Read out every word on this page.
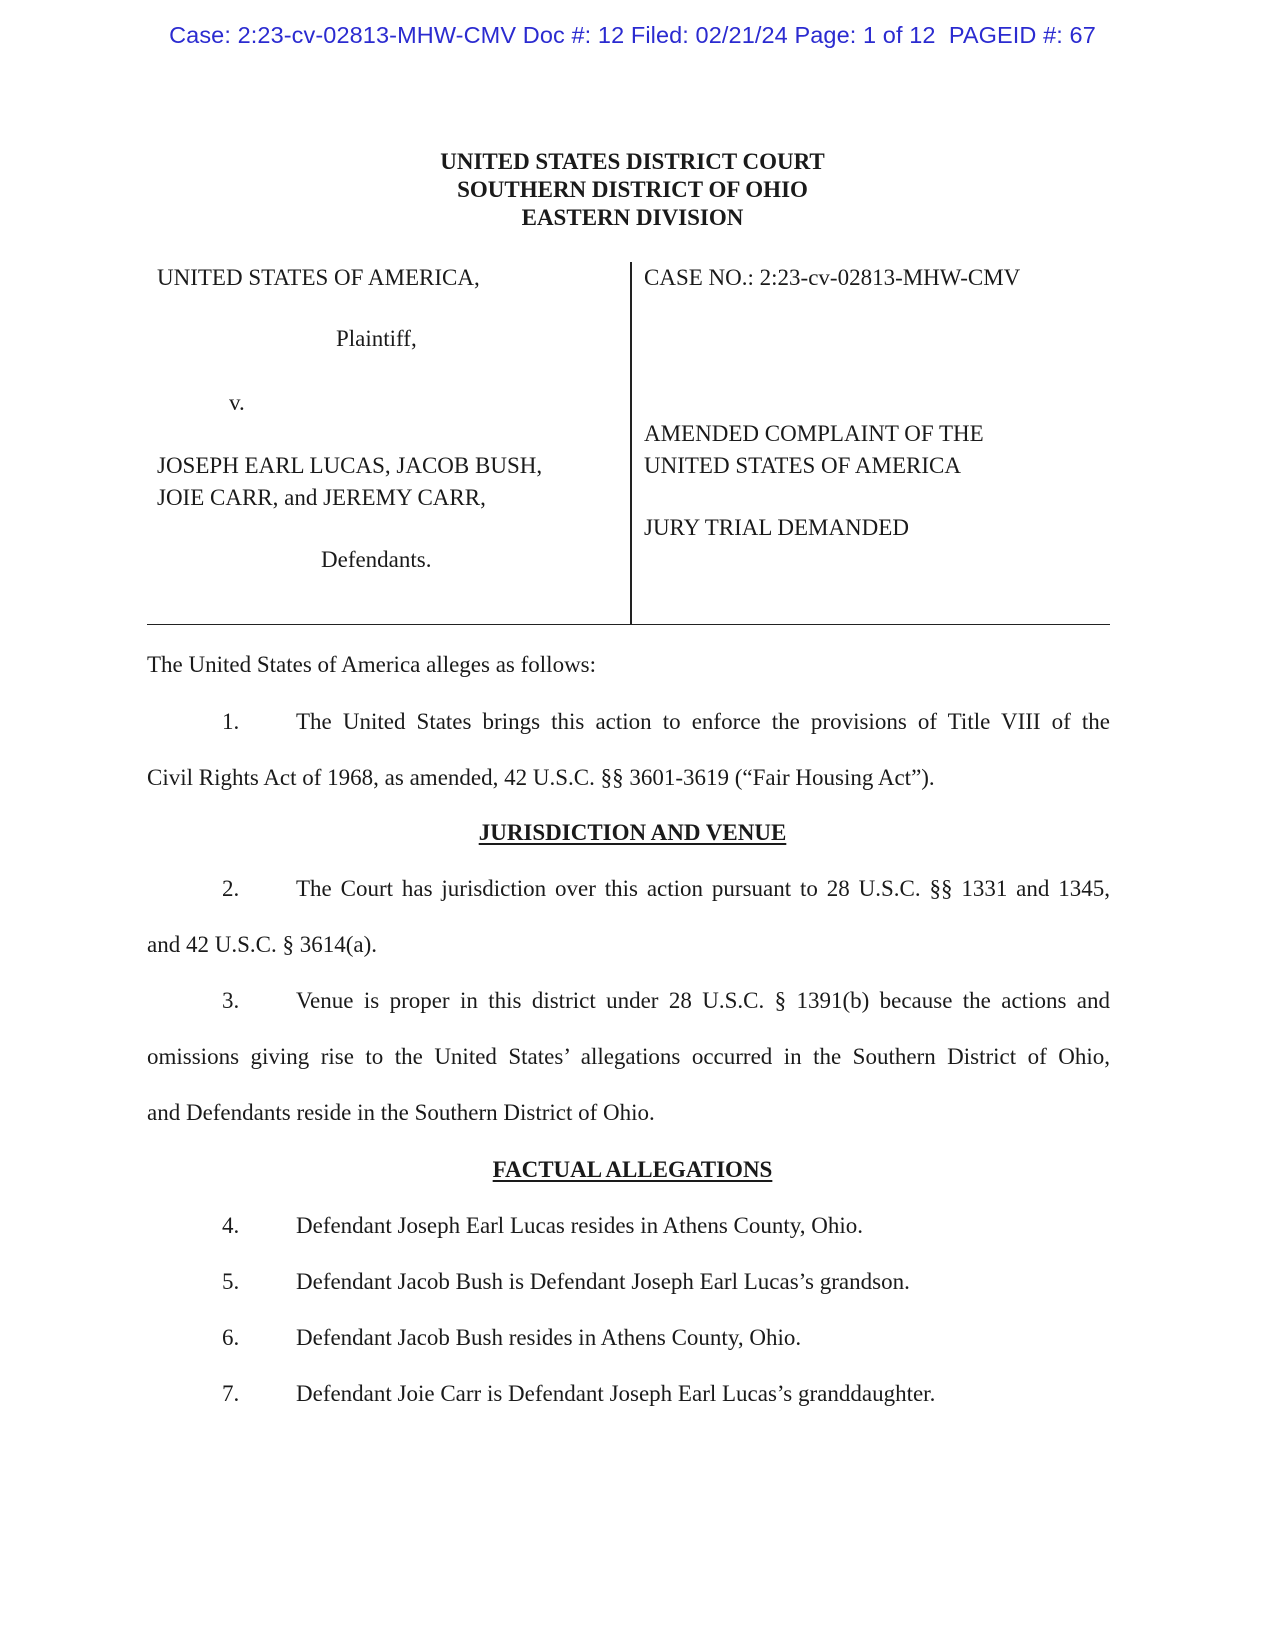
Case: 2:23-cv-02813-MHW-CMV Doc #: 12 Filed: 02/21/24 Page: 1 of 12  PAGEID #: 67
UNITED STATES DISTRICT COURT
SOUTHERN DISTRICT OF OHIO
EASTERN DIVISION
UNITED STATES OF AMERICA,
Plaintiff,
v.
JOSEPH EARL LUCAS, JACOB BUSH,
JOIE CARR, and JEREMY CARR,
Defendants.
CASE NO.: 2:23-cv-02813-MHW-CMV
AMENDED COMPLAINT OF THE
UNITED STATES OF AMERICA
JURY TRIAL DEMANDED
The United States of America alleges as follows:
1. The United States brings this action to enforce the provisions of Title VIII of the
Civil Rights Act of 1968, as amended, 42 U.S.C. §§ 3601-3619 (“Fair Housing Act”).
JURISDICTION AND VENUE
2. The Court has jurisdiction over this action pursuant to 28 U.S.C. §§ 1331 and 1345,
and 42 U.S.C. § 3614(a).
3. Venue is proper in this district under 28 U.S.C. § 1391(b) because the actions and
omissions giving rise to the United States’ allegations occurred in the Southern District of Ohio,
and Defendants reside in the Southern District of Ohio.
FACTUAL ALLEGATIONS
4. Defendant Joseph Earl Lucas resides in Athens County, Ohio.
5. Defendant Jacob Bush is Defendant Joseph Earl Lucas’s grandson.
6. Defendant Jacob Bush resides in Athens County, Ohio.
7. Defendant Joie Carr is Defendant Joseph Earl Lucas’s granddaughter.
